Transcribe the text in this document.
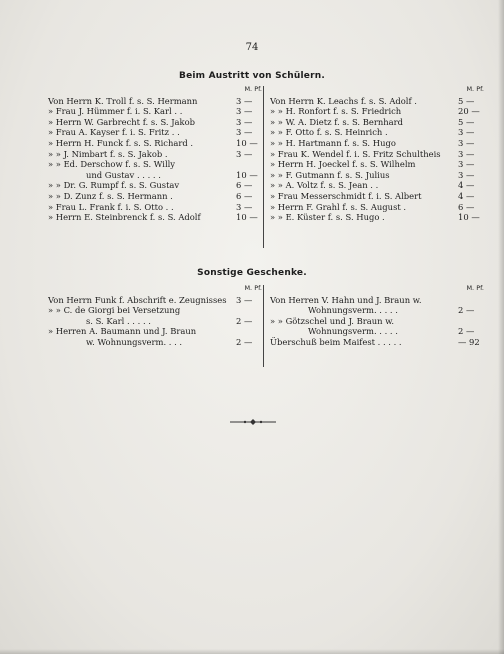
74
Beim Austritt von Schülern.
M. Pf.
Von Herrn K. Troll f. s. S. Hermann	3 —
» Frau J. Hümmer f. i. S. Karl . .	3 —
» Herrn W. Garbrecht f. s. S. Jakob	3 —
» Frau A. Kayser f. i. S. Fritz . .	3 —
» Herrn H. Funck f. s. S. Richard .	10 —
» » J. Nimbart f. s. S. Jakob .	3 —
» » Ed. Derschow f. s. S. Willy
und Gustav . . . . .	10 —
» » Dr. G. Rumpf f. s. S. Gustav	6 —
» » D. Zunz f. s. S. Hermann .	6 —
» Frau L. Frank f. i. S. Otto . .	3 —
» Herrn E. Steinbrenck f. s. S. Adolf	10 —
M. Pf.
Von Herrn K. Leachs f. s. S. Adolf .	5 —
» » H. Ronfort f. s. S. Friedrich	20 —
» » W. A. Dietz f. s. S. Bernhard	5 —
» » F. Otto f. s. S. Heinrich .	3 —
» » H. Hartmann f. s. S. Hugo	3 —
» Frau K. Wendel f. i. S. Fritz Schultheis	3 —
» Herrn H. Joeckel f. s. S. Wilhelm	3 —
» » F. Gutmann f. s. S. Julius	3 —
» » A. Voltz f. s. S. Jean . .	4 —
» Frau Messerschmidt f. i. S. Albert	4 —
» Herrn F. Grahl f. s. S. August .	6 —
» » E. Küster f. s. S. Hugo .	10 —
Sonstige Geschenke.
M. Pf.
Von Herrn Funk f. Abschrift e. Zeugnisses	3 —
» » C. de Giorgi bei Versetzung
s. S. Karl . . . . .	2 —
» Herren A. Baumann und J. Braun
w. Wohnungsverm. . . .	2 —
M. Pf.
Von Herren V. Hahn und J. Braun w.
Wohnungsverm. . . . .	2 —
» » Götzschel und J. Braun w.
Wohnungsverm. . . . .	2 —
Überschuß beim Maifest . . . . .	— 92
